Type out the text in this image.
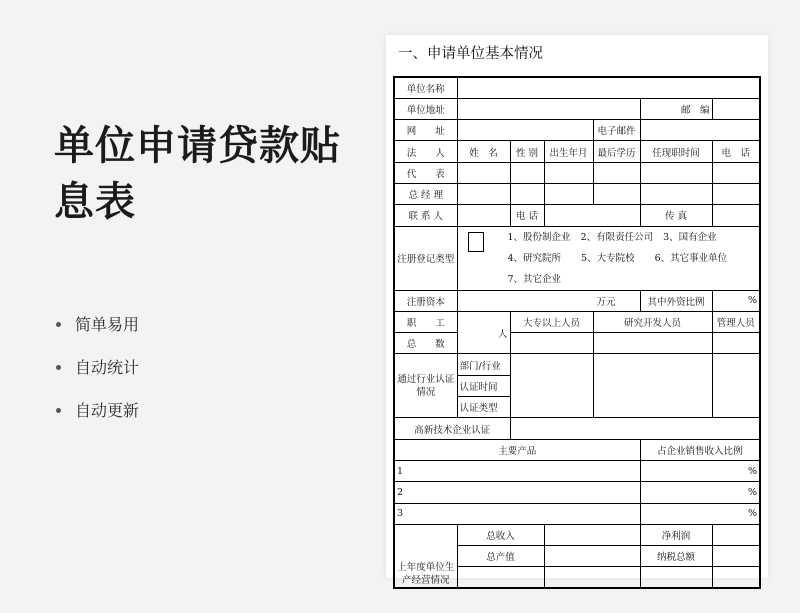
单位申请贷款贴息表
简单易用
自动统计
自动更新
一、申请单位基本情况
单位名称						
单位地址					邮　编	
网　　址				电子邮件		
法　　人	姓　名	性 别	出生年月	最后学历	任现职时间	电　话
代　　表						
总 经 理						
联 系 人		电 话			传 真	
注册登记类型	1、股份制企业 2、有限责任公司 3、国有企业
4、研究院所 5、大专院校 6、其它事业单位
7、其它企业					

注册资本	万元				其中外资比例	%
职　　工	人	大专以上人员		研究开发人员		管理人员
总　　数						
通过行业认证情况	部门/行业					
	认证时间					
	认证类型					
高新技术企业认证						
主要产品					占企业销售收入比例	
1					%	
2					%	
3					%	
上年度单位生产经营情况	总收入				净利润	
	总产值				纳税总额	
